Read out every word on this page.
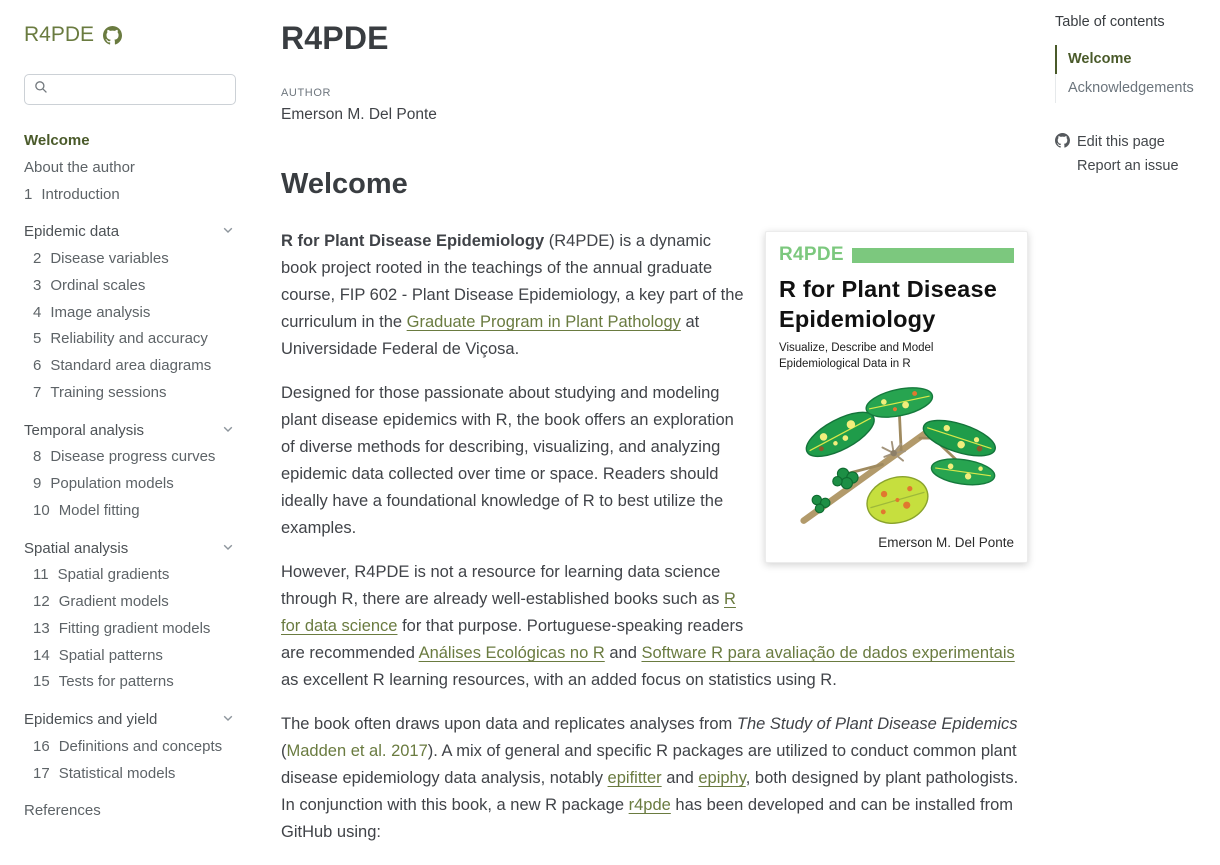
R4PDE
Welcome
About the author
1 Introduction
Epidemic data
2 Disease variables
3 Ordinal scales
4 Image analysis
5 Reliability and accuracy
6 Standard area diagrams
7 Training sessions
Temporal analysis
8 Disease progress curves
9 Population models
10 Model fitting
Spatial analysis
11 Spatial gradients
12 Gradient models
13 Fitting gradient models
14 Spatial patterns
15 Tests for patterns
Epidemics and yield
16 Definitions and concepts
17 Statistical models
References
R4PDE
AUTHOR
Emerson M. Del Ponte
Welcome
R4PDE
R for Plant Disease
Epidemiology
Visualize, Describe and Model
Epidemiological Data in R
Emerson M. Del Ponte

R for Plant Disease Epidemiology (R4PDE) is a dynamic book project rooted in the teachings of the annual graduate course, FIP 602 - Plant Disease Epidemiology, a key part of the curriculum in the Graduate Program in Plant Pathology at Universidade Federal de Viçosa.

Designed for those passionate about studying and modeling plant disease epidemics with R, the book offers an exploration of diverse methods for describing, visualizing, and analyzing epidemic data collected over time or space. Readers should ideally have a foundational knowledge of R to best utilize the examples.

However, R4PDE is not a resource for learning data science through R, there are already well-established books such as R for data science for that purpose. Portuguese-speaking readers are recommended Análises Ecológicas no R and Software R para avaliação de dados experimentais as excellent R learning resources, with an added focus on statistics using R.

The book often draws upon data and replicates analyses from The Study of Plant Disease Epidemics (Madden et al. 2017). A mix of general and specific R packages are utilized to conduct common plant disease epidemiology data analysis, notably epifitter and epiphy, both designed by plant pathologists. In conjunction with this book, a new R package r4pde has been developed and can be installed from GitHub using:

Table of contents
Welcome
Acknowledgements
Edit this page
Report an issue
